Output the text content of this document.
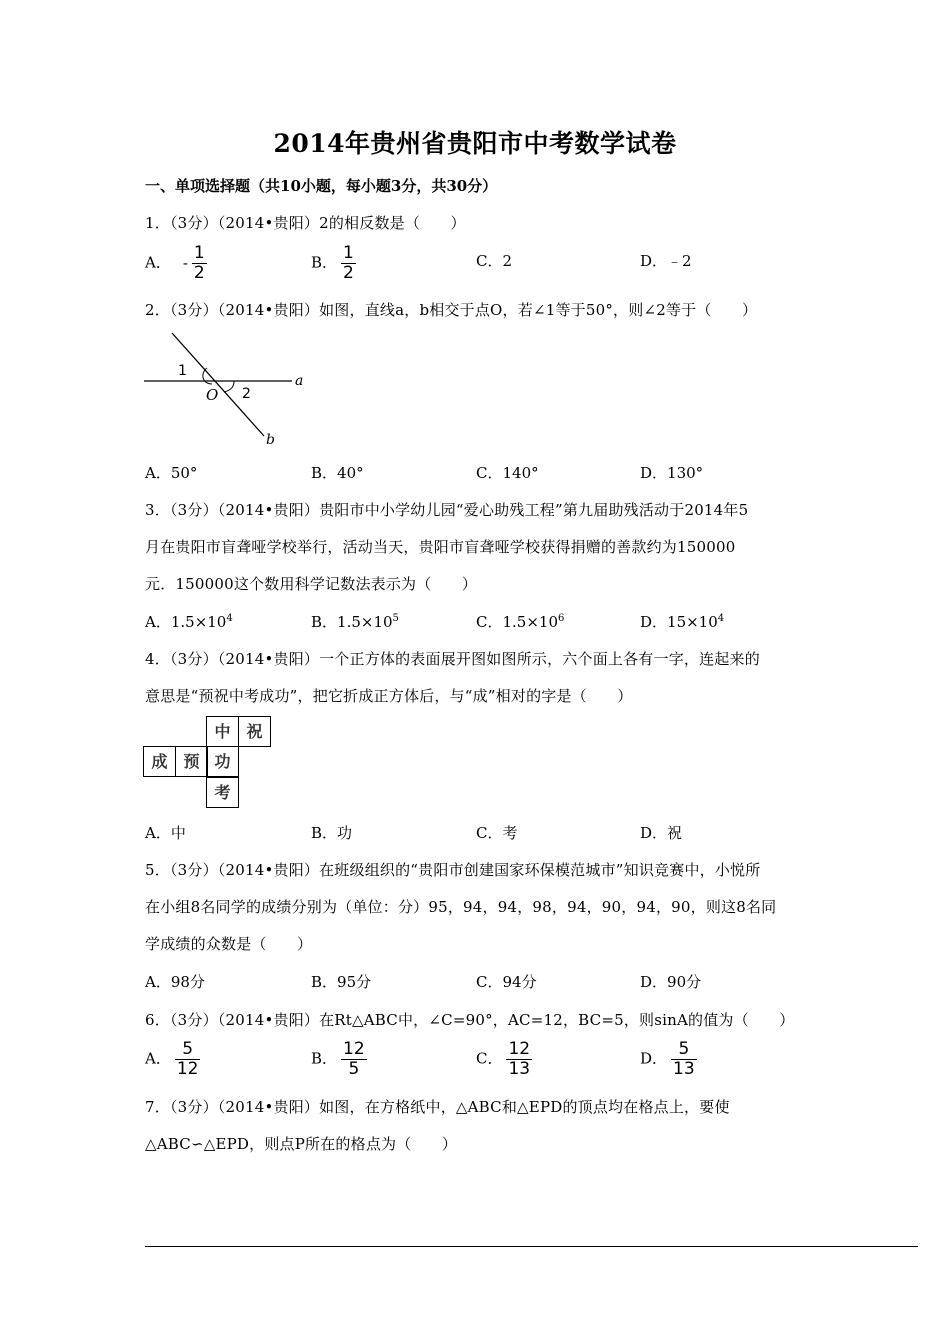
2014年贵州省贵阳市中考数学试卷
一、单项选择题（共10小题，每小题3分，共30分）
1．（3分）（2014•贵阳）2的相反数是（　　）
A． - $\frac{1}{2}$	B． $\frac{1}{2}$	C．2	D．﹣2
2．（3分）（2014•贵阳）如图，直线a，b相交于点O，若∠1等于50°，则∠2等于（　　）
1
2
O
a
b
A．50°	B．40°	C．140°	D．130°
3．（3分）（2014•贵阳）贵阳市中小学幼儿园“爱心助残工程”第九届助残活动于2014年5
月在贵阳市盲聋哑学校举行，活动当天，贵阳市盲聋哑学校获得捐赠的善款约为150000
元．150000这个数用科学记数法表示为（　　）
A．$1.5\times 10^4$	B．$1.5\times 10^5$	C．$1.5\times 10^6$	D．$15\times 10^4$
4．（3分）（2014•贵阳）一个正方体的表面展开图如图所示，六个面上各有一字，连起来的
意思是“预祝中考成功”，把它折成正方体后，与“成”相对的字是（　　）
中 祝
成 预 功
考
A．中	B．功	C．考	D．祝
5．（3分）（2014•贵阳）在班级组织的“贵阳市创建国家环保模范城市”知识竞赛中，小悦所
在小组8名同学的成绩分别为（单位：分）95，94，94，98，94，90，94，90，则这8名同
学成绩的众数是（　　）
A．98分	B．95分	C．94分	D．90分
6．（3分）（2014•贵阳）在Rt△ABC中，∠C=90°，AC=12，BC=5，则sinA的值为（　　）
A． $\frac{5}{12}$	B． $\frac{12}{5}$	C． $\frac{12}{13}$	D． $\frac{5}{13}$
7．（3分）（2014•贵阳）如图，在方格纸中，△ABC和△EPD的顶点均在格点上，要使
△ABC∽△EPD，则点P所在的格点为（　　）
